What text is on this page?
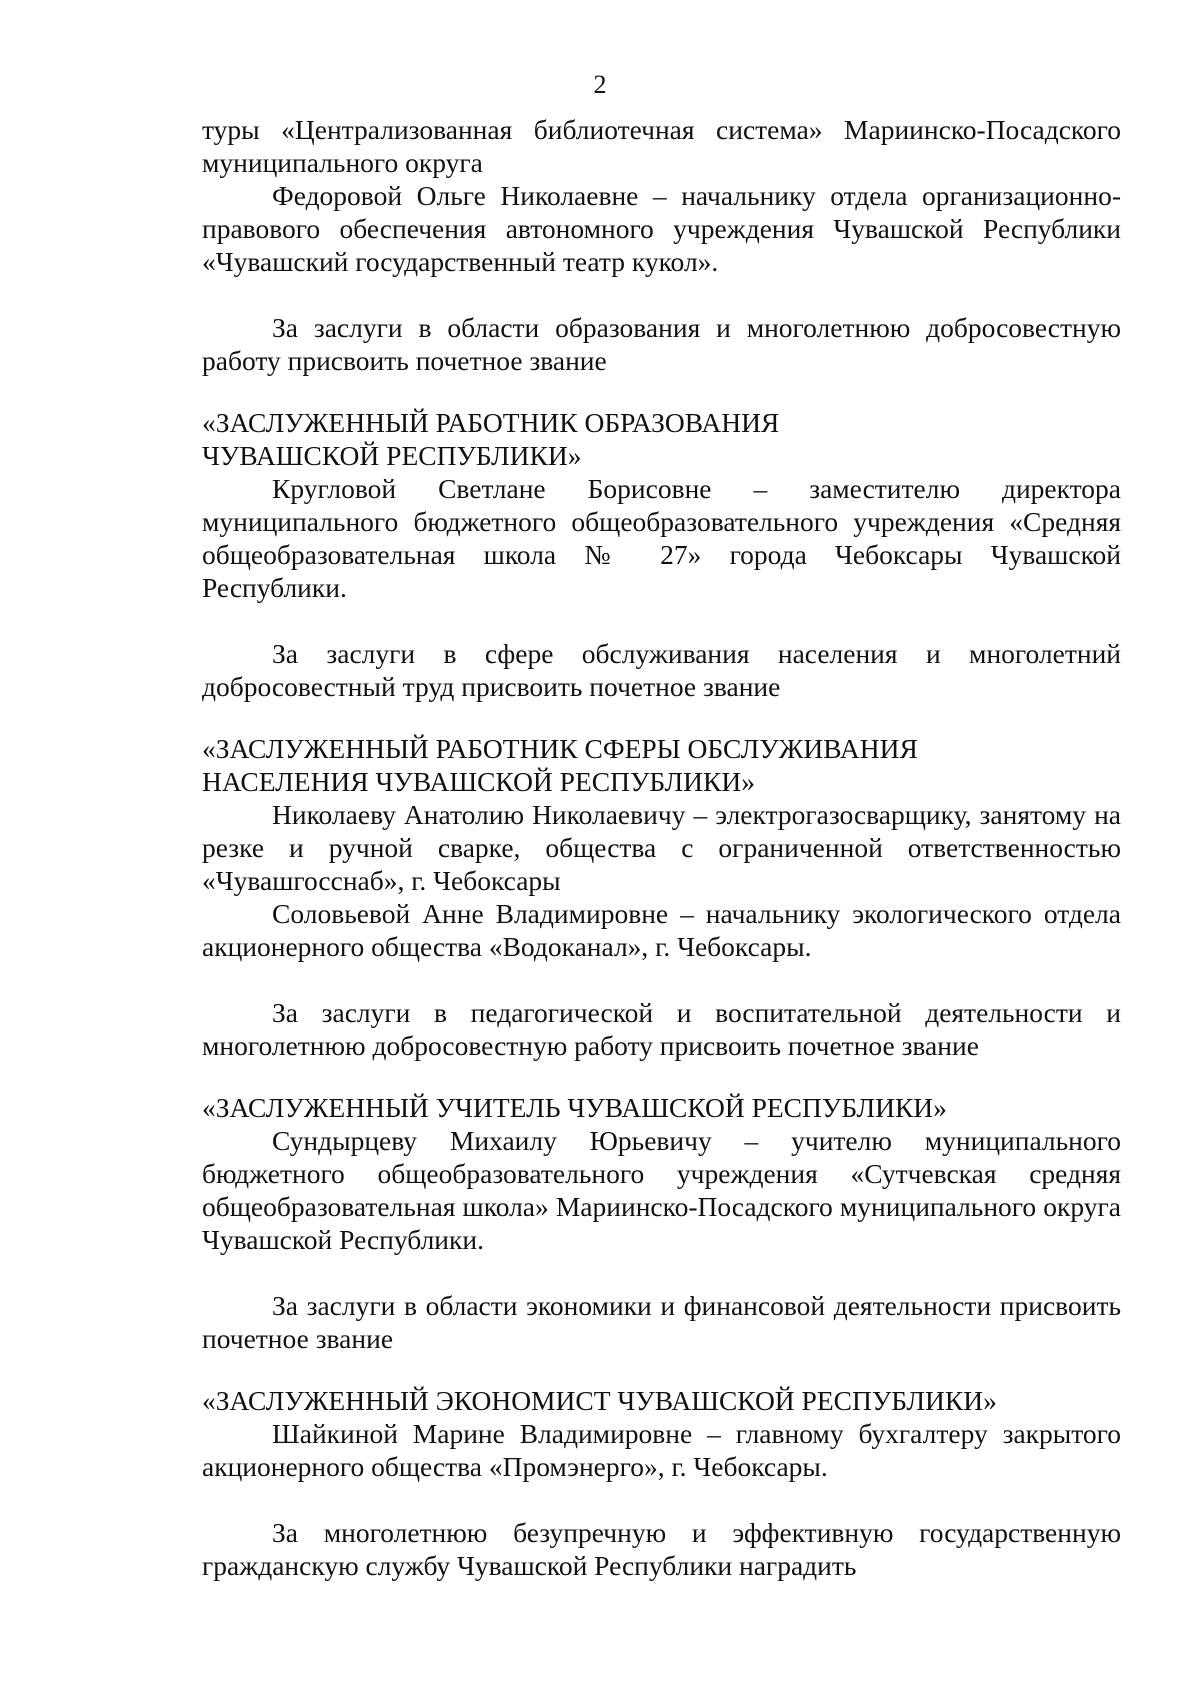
2

туры «Централизованная библиотечная система» Мариинско-Посадского муниципального округа

Федоровой Ольге Николаевне – начальнику отдела организационно-правового обеспечения автономного учреждения Чувашской Республики «Чувашский государственный театр кукол».

За заслуги в области образования и многолетнюю добросовестную работу присвоить почетное звание

«ЗАСЛУЖЕННЫЙ РАБОТНИК ОБРАЗОВАНИЯ

ЧУВАШСКОЙ РЕСПУБЛИКИ»

Кругловой Светлане Борисовне – заместителю директора муниципального бюджетного общеобразовательного учреждения «Средняя общеобразовательная школа № 27» города Чебоксары Чувашской Республики.

За заслуги в сфере обслуживания населения и многолетний добросовестный труд присвоить почетное звание

«ЗАСЛУЖЕННЫЙ РАБОТНИК СФЕРЫ ОБСЛУЖИВАНИЯ

НАСЕЛЕНИЯ ЧУВАШСКОЙ РЕСПУБЛИКИ»

Николаеву Анатолию Николаевичу – электрогазосварщику, занятому на резке и ручной сварке, общества с ограниченной ответственностью «Чувашгосснаб», г. Чебоксары

Соловьевой Анне Владимировне – начальнику экологического отдела акционерного общества «Водоканал», г. Чебоксары.

За заслуги в педагогической и воспитательной деятельности и многолетнюю добросовестную работу присвоить почетное звание

«ЗАСЛУЖЕННЫЙ УЧИТЕЛЬ ЧУВАШСКОЙ РЕСПУБЛИКИ»

Сундырцеву Михаилу Юрьевичу – учителю муниципального бюджетного общеобразовательного учреждения «Сутчевская средняя общеобразовательная школа» Мариинско-Посадского муниципального округа Чувашской Республики.

За заслуги в области экономики и финансовой деятельности присвоить почетное звание

«ЗАСЛУЖЕННЫЙ ЭКОНОМИСТ ЧУВАШСКОЙ РЕСПУБЛИКИ»

Шайкиной Марине Владимировне – главному бухгалтеру закрытого акционерного общества «Промэнерго», г. Чебоксары.

За многолетнюю безупречную и эффективную государственную гражданскую службу Чувашской Республики наградить
